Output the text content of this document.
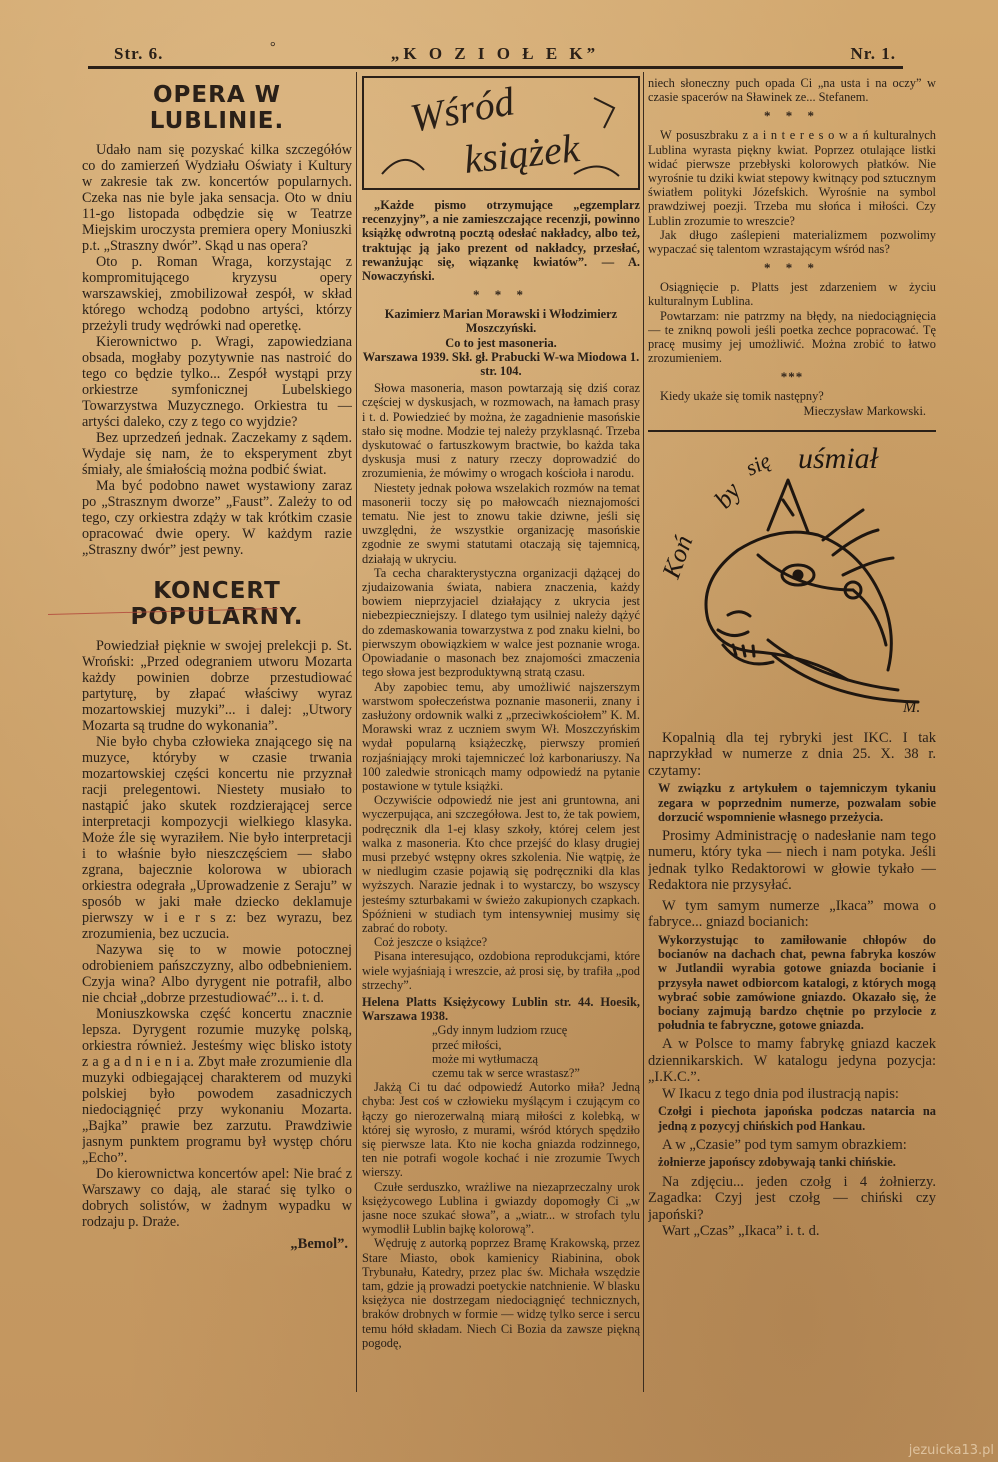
Str. 6.	„K O Z I O Ł E K”	Nr. 1.
°
OPERA W LUBLINIE.

Udało nam się pozyskać kilka szczegółów co do zamierzeń Wydziału Oświaty i Kultury w zakresie tak zw. koncertów popularnych. Czeka nas nie byle jaka sensacja. Oto w dniu 11-go listopada odbędzie się w Teatrze Miejskim uroczysta premiera opery Moniuszki p.t. „Straszny dwór”. Skąd u nas opera?

Oto p. Roman Wraga, korzystając z kompromitującego kryzysu opery warszawskiej, zmobilizował zespół, w skład którego wchodzą podobno artyści, którzy przeżyli trudy wędrówki nad operetkę.

Kierownictwo p. Wragi, zapowiedziana obsada, mogłaby pozytywnie nas nastroić do tego co będzie tylko... Zespół wystąpi przy orkiestrze symfonicznej Lubelskiego Towarzystwa Muzycznego. Orkiestra tu — artyści daleko, czy z tego co wyjdzie?

Bez uprzedzeń jednak. Zaczekamy z sądem. Wydaje się nam, że to eksperyment zbyt śmiały, ale śmiałością można podbić świat.

Ma być podobno nawet wystawiony zaraz po „Strasznym dworze” „Faust”. Zależy to od tego, czy orkiestra zdąży w tak krótkim czasie opracować dwie opery. W każdym razie „Straszny dwór” jest pewny.

KONCERT POPULARNY.

Powiedział pięknie w swojej prelekcji p. St. Wroński: „Przed odegraniem utworu Mozarta każdy powinien dobrze przestudiować partyturę, by złapać właściwy wyraz mozartowskiej muzyki”... i dalej: „Utwory Mozarta są trudne do wykonania”.

Nie było chyba człowieka znającego się na muzyce, któryby w czasie trwania mozartowskiej części koncertu nie przyznał racji prelegentowi. Niestety musiało to nastąpić jako skutek rozdzierającej serce interpretacji kompozycji wielkiego klasyka. Może źle się wyraziłem. Nie było interpretacji i to właśnie było nieszczęściem — słabo zgrana, bajecznie kolorowa w ubiorach orkiestra odegrała „Uprowadzenie z Seraju” w sposób w jaki małe dziecko deklamuje pierwszy w i e r s z: bez wyrazu, bez zrozumienia, bez uczucia.

Nazywa się to w mowie potocznej odrobieniem pańszczyzny, albo odbebnieniem. Czyja wina? Albo dyrygent nie potrafił, albo nie chciał „dobrze przestudiować”... i. t. d.

Moniuszkowska część koncertu znacznie lepsza. Dyrygent rozumie muzykę polską, orkiestra również. Jesteśmy więc blisko istoty z a g a d n i e n i a. Zbyt małe zrozumienie dla muzyki odbiegającej charakterem od muzyki polskiej było powodem zasadniczych niedociągnięć przy wykonaniu Mozarta. „Bajka” prawie bez zarzutu. Prawdziwie jasnym punktem programu był występ chóru „Echo”.

Do kierownictwa koncertów apel: Nie brać z Warszawy co dają, ale starać się tylko o dobrych solistów, w żadnym wypadku w rodzaju p. Draże.

„Bemol”.
Wśród
książek

„Każde pismo otrzymujące „egzemplarz recenzyjny”, a nie zamieszczające recenzji, powinno książkę odwrotną pocztą odesłać nakładcy, albo też, traktując ją jako prezent od nakładcy, przesłać, rewanżując się, wiązankę kwiatów”. — A. Nowaczyński.

* * *

Kazimierz Marian Morawski i Włodzimierz Moszczyński.

Co to jest masoneria.

Warszawa 1939. Skł. gł. Prabucki W-wa Miodowa 1. str. 104.

Słowa masoneria, mason powtarzają się dziś coraz częściej w dyskusjach, w rozmowach, na łamach prasy i t. d. Powiedzieć by można, że zagadnienie masońskie stało się modne. Modzie tej należy przyklasnąć. Trzeba dyskutować o fartuszkowym bractwie, bo każda taka dyskusja musi z natury rzeczy doprowadzić do zrozumienia, że mówimy o wrogach kościoła i narodu.

Niestety jednak połowa wszelakich rozmów na temat masonerii toczy się po małowcaćh nieznajomości tematu. Nie jest to znowu takie dziwne, jeśli się uwzględni, że wszystkie organizację masońskie zgodnie ze swymi statutami otaczają się tajemnicą, działają w ukryciu.

Ta cecha charakterystyczna organizacji dążącej do zjudaizowania świata, nabiera znaczenia, każdy bowiem nieprzyjaciel działający z ukrycia jest niebezpieczniejszy. I dlatego tym usilniej należy dążyć do zdemaskowania towarzystwa z pod znaku kielni, bo pierwszym obowiązkiem w walce jest poznanie wroga. Opowiadanie o masonach bez znajomości zmaczenia tego słowa jest bezproduktywną stratą czasu.

Aby zapobiec temu, aby umożliwić najszerszym warstwom społeczeństwa poznanie masonerii, znany i zasłużony ordownik walki z „przeciwkościołem” K. M. Morawski wraz z uczniem swym Wł. Moszczyńskim wydał popularną książeczkę, pierwszy promień rozjaśniający mroki tajemniczeć loż karbonariuszy. Na 100 zaledwie stronicąch mamy odpowiedź na pytanie postawione w tytule książki.

Oczywiście odpowiedź nie jest ani gruntowna, ani wyczerpująca, ani szczegółowa. Jest to, że tak powiem, podręcznik dla 1-ej klasy szkoły, której celem jest walka z masoneria. Kto chce przejść do klasy drugiej musi przebyć wstępny okres szkolenia. Nie wątpię, że w niedlugim czasie pojawią się podręczniki dla klas wyższych. Narazie jednak i to wystarczy, bo wszyscy jesteśmy szturbakami w świeżo zakupionych czapkach. Spóźnieni w studiach tym intensywniej musimy się zabrać do roboty.

Coż jeszcze o książce?

Pisana interesująco, ozdobiona reprodukcjami, które wiele wyjaśniają i wreszcie, aż prosi się, by trafiła „pod strzechy”.

Helena Platts Księżycowy Lublin str. 44. Hoesik, Warszawa 1938.

„Gdy innym ludziom rzucę
przeć miłości,
może mi wytłumaczą
czemu tak w serce wrastasz?”

Jakżą Ci tu dać odpowiedź Autorko miła? Jedną chyba: Jest coś w człowieku myślącym i czującym co łączy go nierozerwalną miarą miłości z kolebką, w której się wyrosło, z murami, wśród których spędziło się pierwsze lata. Kto nie kocha gniazda rodzinnego, ten nie potrafi wogole kochać i nie zrozumie Twych wierszy.

Czułe serduszko, wrażliwe na niezaprzeczalny urok księżycowego Lublina i gwiazdy dopomogły Ci „w jasne noce szukać słowa”, a „wiatr... w strofach tylu wymodlił Lublin bajkę kolorową”.

Wędruję z autorką poprzez Bramę Krakowską, przez Stare Miasto, obok kamienicy Riabinina, obok Trybunału, Katedry, przez plac św. Michała wszędzie tam, gdzie ją prowadzi poetyckie natchnienie. W blasku księżyca nie dostrzegam niedociągnięć technicznych, braków drobnych w formie — widzę tylko serce i sercu temu hółd składam. Niech Ci Bozia da zawsze piękną pogodę,

niech słoneczny puch opada Ci „na usta i na oczy” w czasie spacerów na Sławinek ze... Stefanem.

* * *

W posuszbraku z a i n t e r e s o w a ń kulturalnych Lublina wyrasta piękny kwiat. Poprzez otulające listki widać pierwsze przebłyski kolorowych płatków. Nie wyrośnie tu dziki kwiat stepowy kwitnący pod sztucznym światłem polityki Józefskich. Wyrośnie na symbol prawdziwej poezji. Trzeba mu słońca i miłości. Czy Lublin zrozumie to wreszcie?

Jak długo zaślepieni materializmem pozwolimy wypaczać się talentom wzrastającym wśród nas?

* * *

Osiągnięcie p. Platts jest zdarzeniem w życiu kulturalnym Lublina.

Powtarzam: nie patrzmy na błędy, na niedociągnięcia — te zniknq powoli jeśli poetka zechce popracować. Tę pracę musimy jej umożliwić. Można zrobić to łatwo zrozumieniem.

***

Kiedy ukaże się tomik następny?

Mieczysław Markowski.

Koń
by
się uśmiał
M.

Kopalnią dla tej rybryki jest IKC. I tak naprzykład w numerze z dnia 25. X. 38 r. czytamy:

W związku z artykułem o tajemniczym tykaniu zegara w poprzednim numerze, pozwalam sobie dorzucić wspomnienie własnego przeżycia.

Prosimy Administrację o nadesłanie nam tego numeru, który tyka — niech i nam potyka. Jeśli jednak tylko Redaktorowi w głowie tykało — Redaktora nie przysyłać.

W tym samym numerze „Ikaca” mowa o fabryce... gniazd bocianich:

Wykorzystując to zamiłowanie chłopów do bocianów na dachach chat, pewna fabryka koszów w Jutlandii wyrabia gotowe gniazda bocianie i przysyła nawet odbiorcom katalogi, z których mogą wybrać sobie zamówione gniazdo. Okazało się, że bociany zajmują bardzo chętnie po przylocie z południa te fabryczne, gotowe gniazda.

A w Polsce to mamy fabrykę gniazd kaczek dziennikarskich. W katalogu jedyna pozycja: „I.K.C.”.

W Ikacu z tego dnia pod ilustracją napis:

Czołgi i piechota japońska podczas natarcia na jedną z pozycyj chińskich pod Hankau.

A w „Czasie” pod tym samym obrazkiem:

żołnierze japońscy zdobywają tanki chińskie.

Na zdjęciu... jeden czołg i 4 żołnierzy. Zagadka: Czyj jest czołg — chiński czy japoński?

Wart „Czas” „Ikaca” i. t. d.

jezuicka13.pl
